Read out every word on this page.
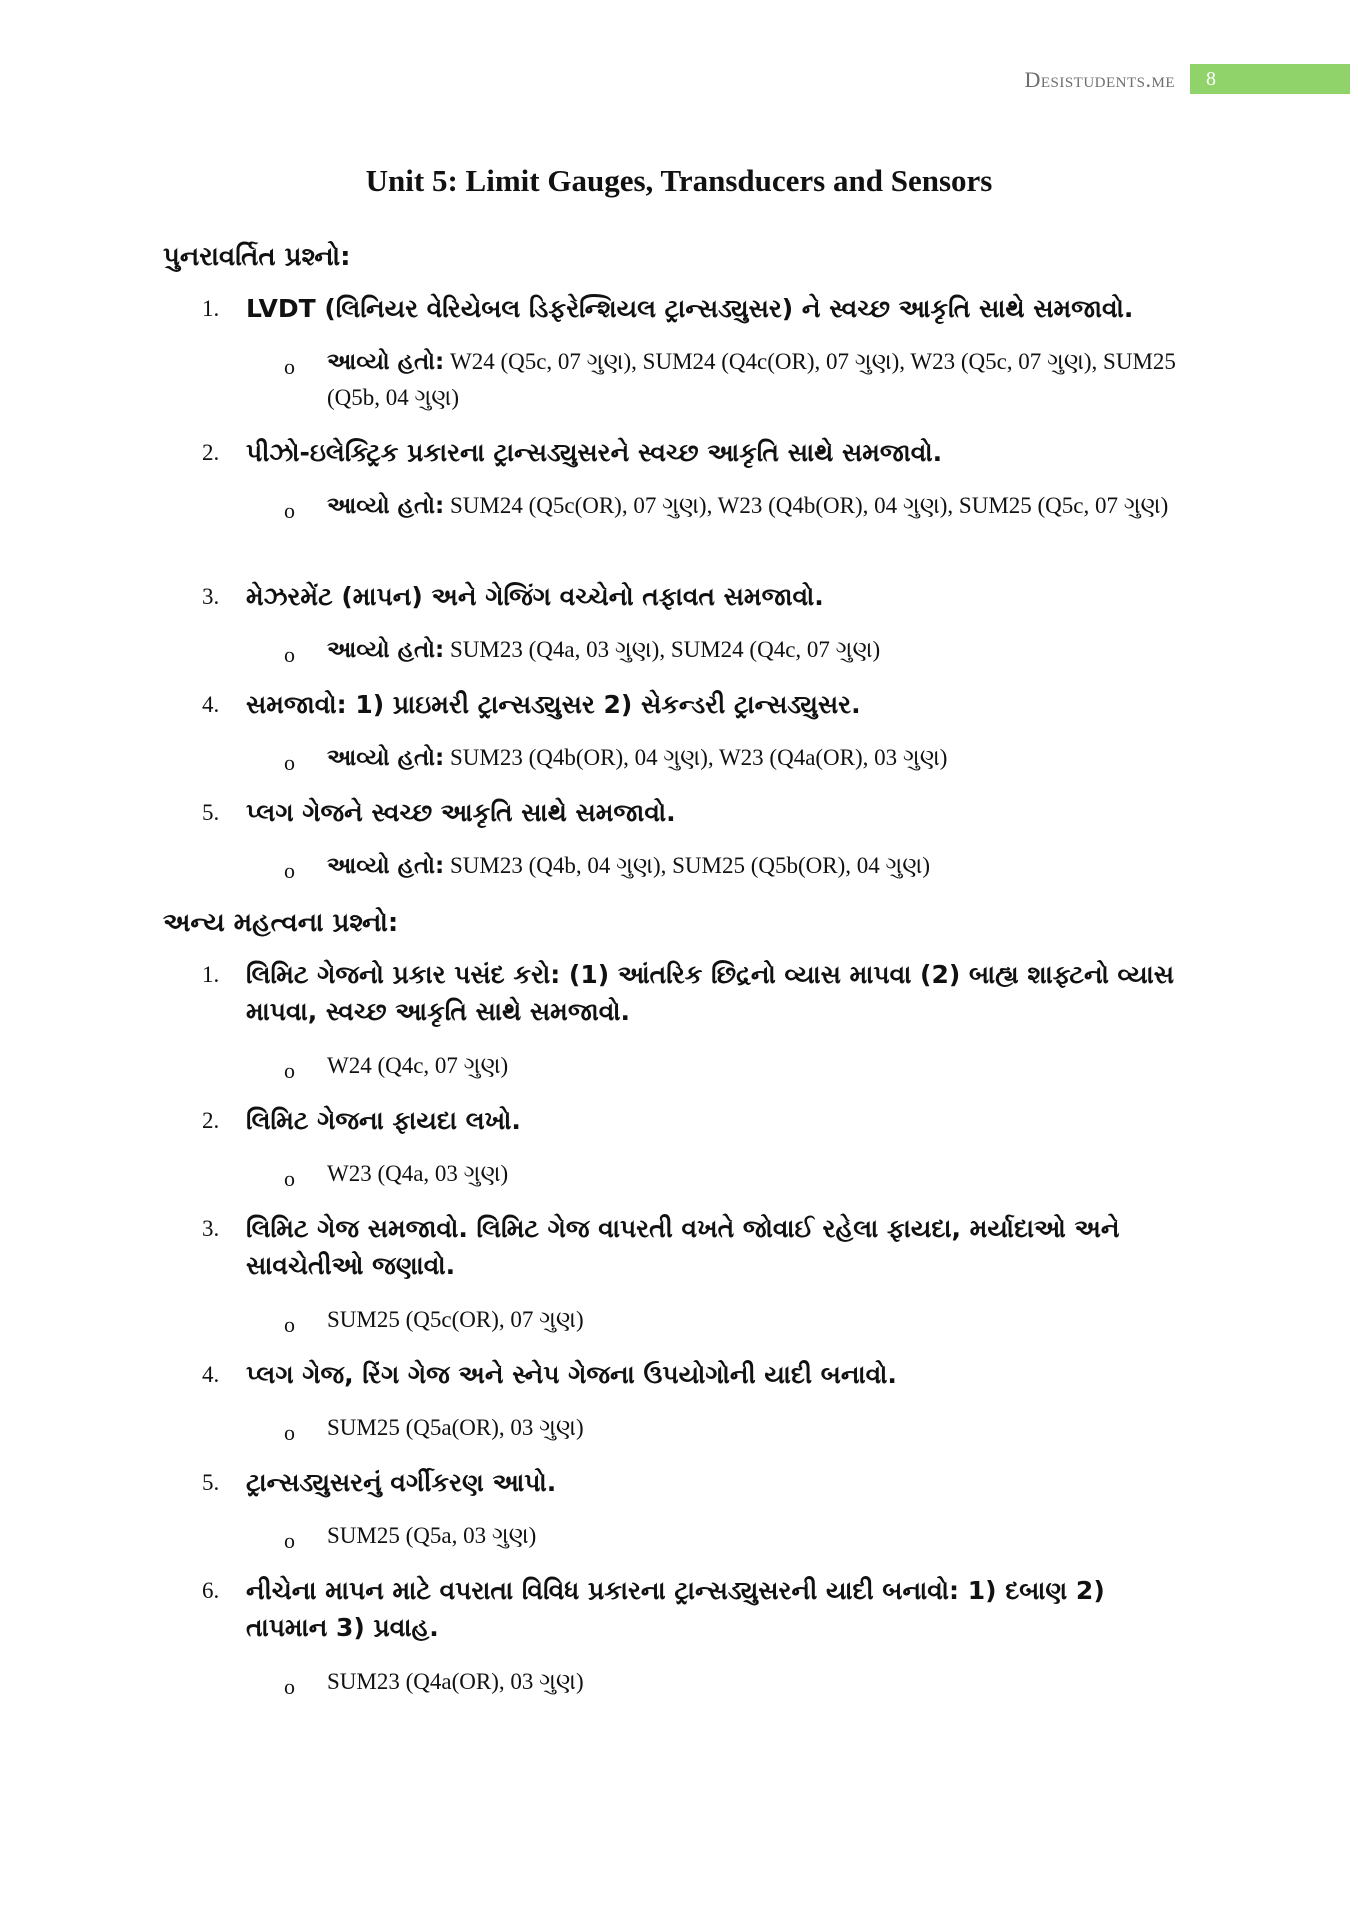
Desistudents.me	8
Unit 5: Limit Gauges, Transducers and Sensors
પુનરાવર્તિત પ્રશ્નો:
1. LVDT (લિનિયર વેરિયેબલ ડિફરેન્શિયલ ટ્રાન્સડ્યુસર) ને સ્વચ્છ આકૃતિ સાથે સમજાવો.

o આવ્યો હતો: W24 (Q5c, 07 ગુણ), SUM24 (Q4c(OR), 07 ગુણ), W23 (Q5c, 07 ગુણ), SUM25 (Q5b, 04 ગુણ)

2. પીઝો-ઇલેક્ટ્રિક પ્રકારના ટ્રાન્સડ્યુસરને સ્વચ્છ આકૃતિ સાથે સમજાવો.

o આવ્યો હતો: SUM24 (Q5c(OR), 07 ગુણ), W23 (Q4b(OR), 04 ગુણ), SUM25 (Q5c, 07 ગુણ)

3. મેઝરમેંટ (માપન) અને ગેજિંગ વચ્ચેનો તફાવત સમજાવો.

o આવ્યો હતો: SUM23 (Q4a, 03 ગુણ), SUM24 (Q4c, 07 ગુણ)

4. સમજાવો: 1) પ્રાઇમરી ટ્રાન્સડ્યુસર 2) સેકન્ડરી ટ્રાન્સડ્યુસર.

o આવ્યો હતો: SUM23 (Q4b(OR), 04 ગુણ), W23 (Q4a(OR), 03 ગુણ)

5. પ્લગ ગેજને સ્વચ્છ આકૃતિ સાથે સમજાવો.

o આવ્યો હતો: SUM23 (Q4b, 04 ગુણ), SUM25 (Q5b(OR), 04 ગુણ)

અન્ય મહત્વના પ્રશ્નો:
1. લિમિટ ગેજનો પ્રકાર પસંદ કરો: (1) આંતરિક છિદ્રનો વ્યાસ માપવા (2) બાહ્ય શાફ્ટનો વ્યાસ માપવા, સ્વચ્છ આકૃતિ સાથે સમજાવો.

o W24 (Q4c, 07 ગુણ)

2. લિમિટ ગેજના ફાયદા લખો.

o W23 (Q4a, 03 ગુણ)

3. લિમિટ ગેજ સમજાવો. લિમિટ ગેજ વાપરતી વખતે જોવાઈ રહેલા ફાયદા, મર્યાદાઓ અને સાવચેતીઓ જણાવો.

o SUM25 (Q5c(OR), 07 ગુણ)

4. પ્લગ ગેજ, રિંગ ગેજ અને સ્નેપ ગેજના ઉપયોગોની યાદી બનાવો.

o SUM25 (Q5a(OR), 03 ગુણ)

5. ટ્રાન્સડ્યુસરનું વર્ગીકરણ આપો.

o SUM25 (Q5a, 03 ગુણ)

6. નીચેના માપન માટે વપરાતા વિવિધ પ્રકારના ટ્રાન્સડ્યુસરની યાદી બનાવો: 1) દબાણ 2) તાપમાન 3) પ્રવાહ.

o SUM23 (Q4a(OR), 03 ગુણ)
